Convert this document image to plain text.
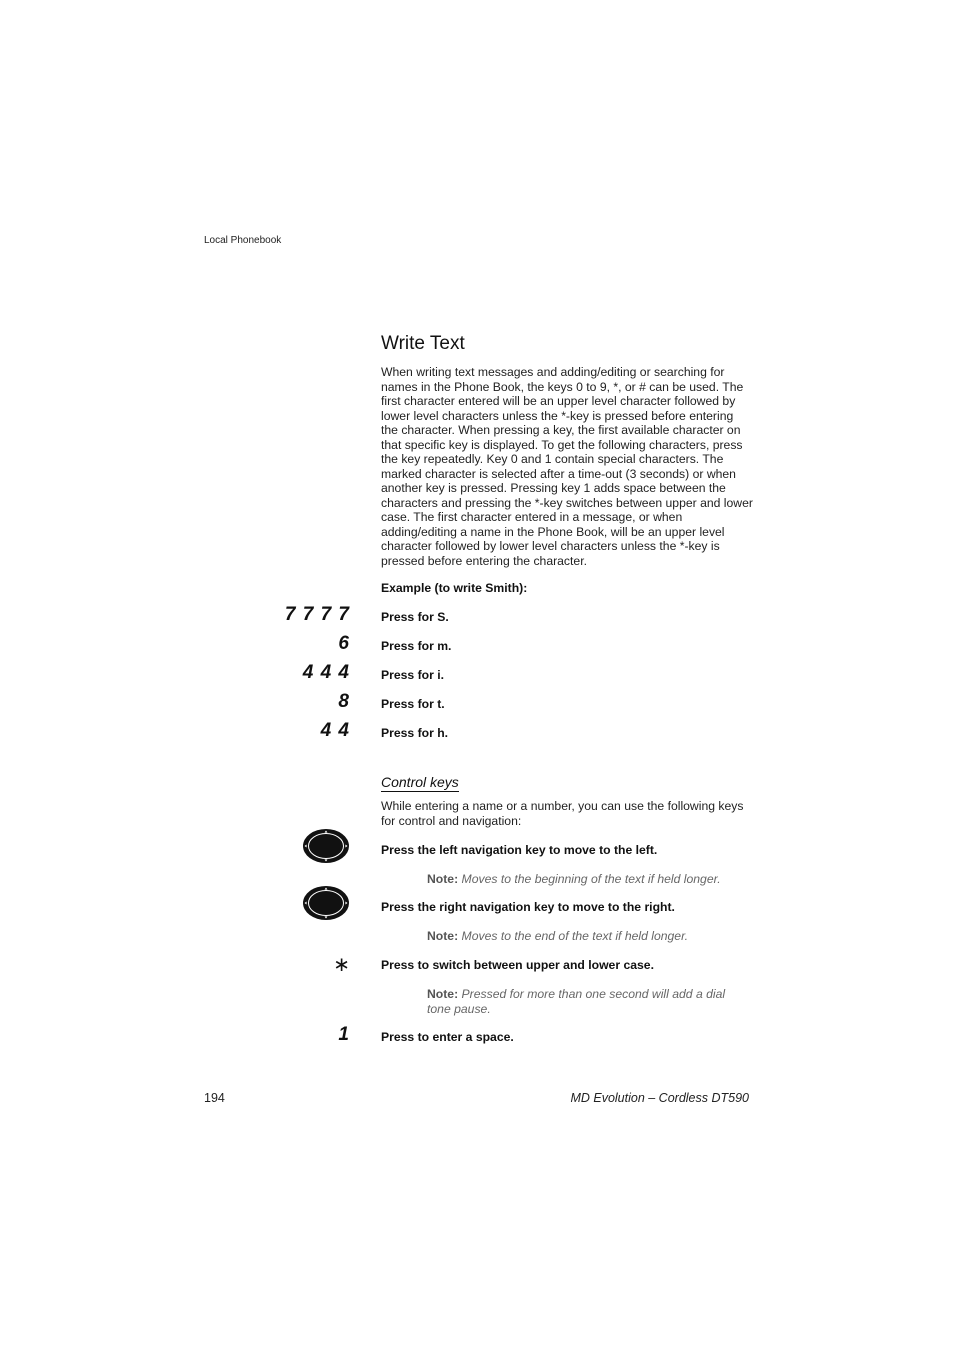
Local Phonebook
Write Text
When writing text messages and adding/editing or searching for names in the Phone Book, the keys 0 to 9, *, or # can be used. The first character entered will be an upper level character followed by lower level characters unless the *-key is pressed before entering the character. When pressing a key, the first available character on that specific key is displayed. To get the following characters, press the key repeatedly. Key 0 and 1 contain special characters. The marked character is selected after a time-out (3 seconds) or when another key is pressed. Pressing key 1 adds space between the characters and pressing the *-key switches between upper and lower case. The first character entered in a message, or when adding/editing a name in the Phone Book, will be an upper level character followed by lower level characters unless the *-key is pressed before entering the character.
Example (to write Smith):
7 7 7 7	Press for S.
6	Press for m.
4 4 4	Press for i.
8	Press for t.
4 4	Press for h.
Control keys
While entering a name or a number, you can use the following keys for control and navigation:
Press the left navigation key to move to the left.
Note: Moves to the beginning of the text if held longer.
Press the right navigation key to move to the right.
Note: Moves to the end of the text if held longer.
∗	Press to switch between upper and lower case.
Note: Pressed for more than one second will add a dial tone pause.
1	Press to enter a space.
194	MD Evolution – Cordless DT590
